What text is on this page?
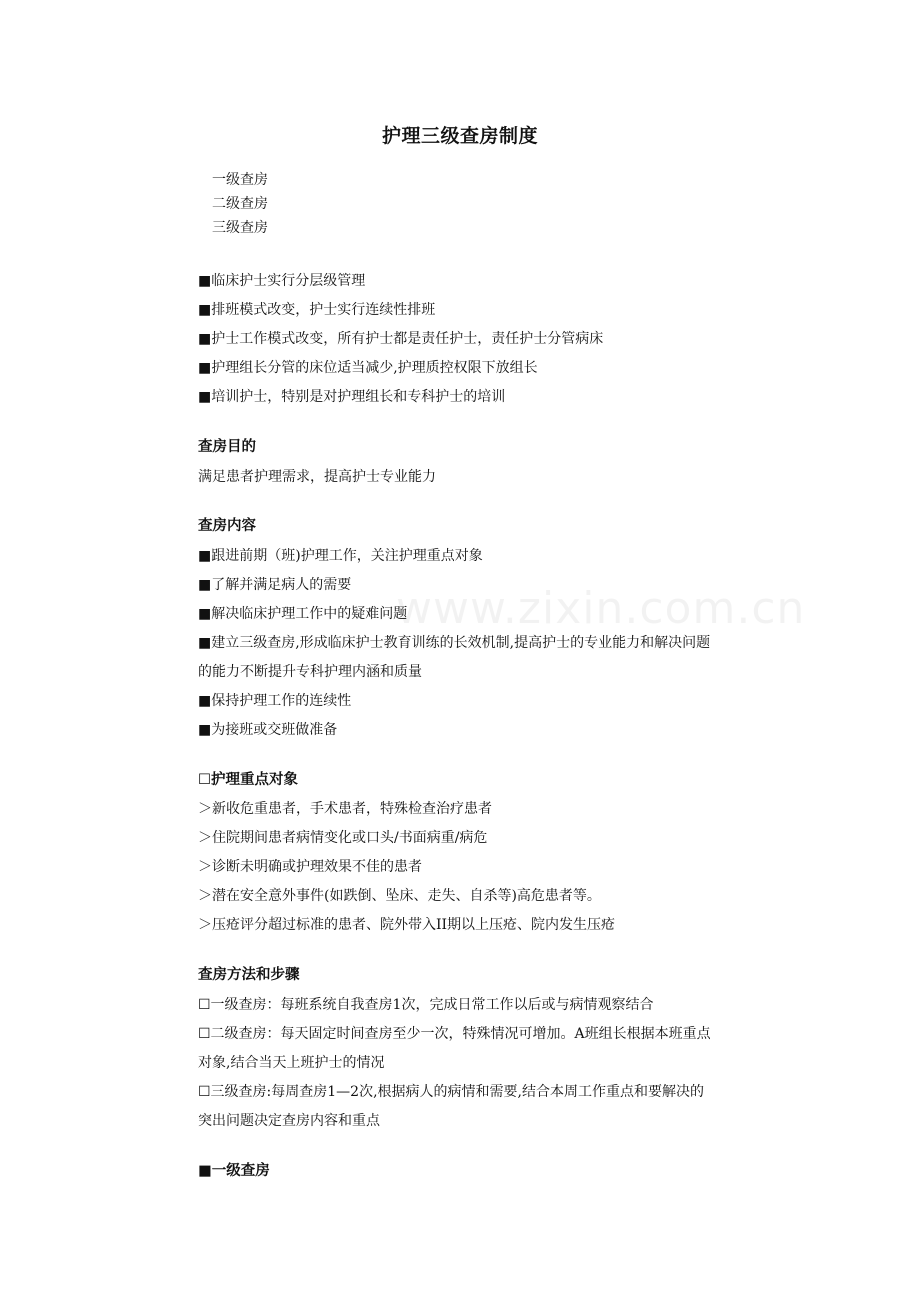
www.zixin.com.cn
护理三级查房制度
一级查房
二级查房
三级查房
■临床护士实行分层级管理
■排班模式改变，护士实行连续性排班
■护士工作模式改变，所有护士都是责任护士，责任护士分管病床
■护理组长分管的床位适当减少,护理质控权限下放组长
■培训护士，特别是对护理组长和专科护士的培训
查房目的
满足患者护理需求，提高护士专业能力
查房内容
■跟进前期（班)护理工作，关注护理重点对象
■了解并满足病人的需要
■解决临床护理工作中的疑难问题
■建立三级查房,形成临床护士教育训练的长效机制,提高护士的专业能力和解决问题
的能力不断提升专科护理内涵和质量
■保持护理工作的连续性
■为接班或交班做准备
☐护理重点对象
＞新收危重患者，手术患者，特殊检查治疗患者
＞住院期间患者病情变化或口头/书面病重/病危
＞诊断未明确或护理效果不佳的患者
＞潜在安全意外事件(如跌倒、坠床、走失、自杀等)高危患者等。
＞压疮评分超过标准的患者、院外带入II期以上压疮、院内发生压疮
查房方法和步骤
☐一级查房：每班系统自我查房1次，完成日常工作以后或与病情观察结合
☐二级查房：每天固定时间查房至少一次，特殊情况可增加。A班组长根据本班重点
对象,结合当天上班护士的情况
☐三级查房:每周查房1—2次,根据病人的病情和需要,结合本周工作重点和要解决的
突出问题决定查房内容和重点
■一级查房
